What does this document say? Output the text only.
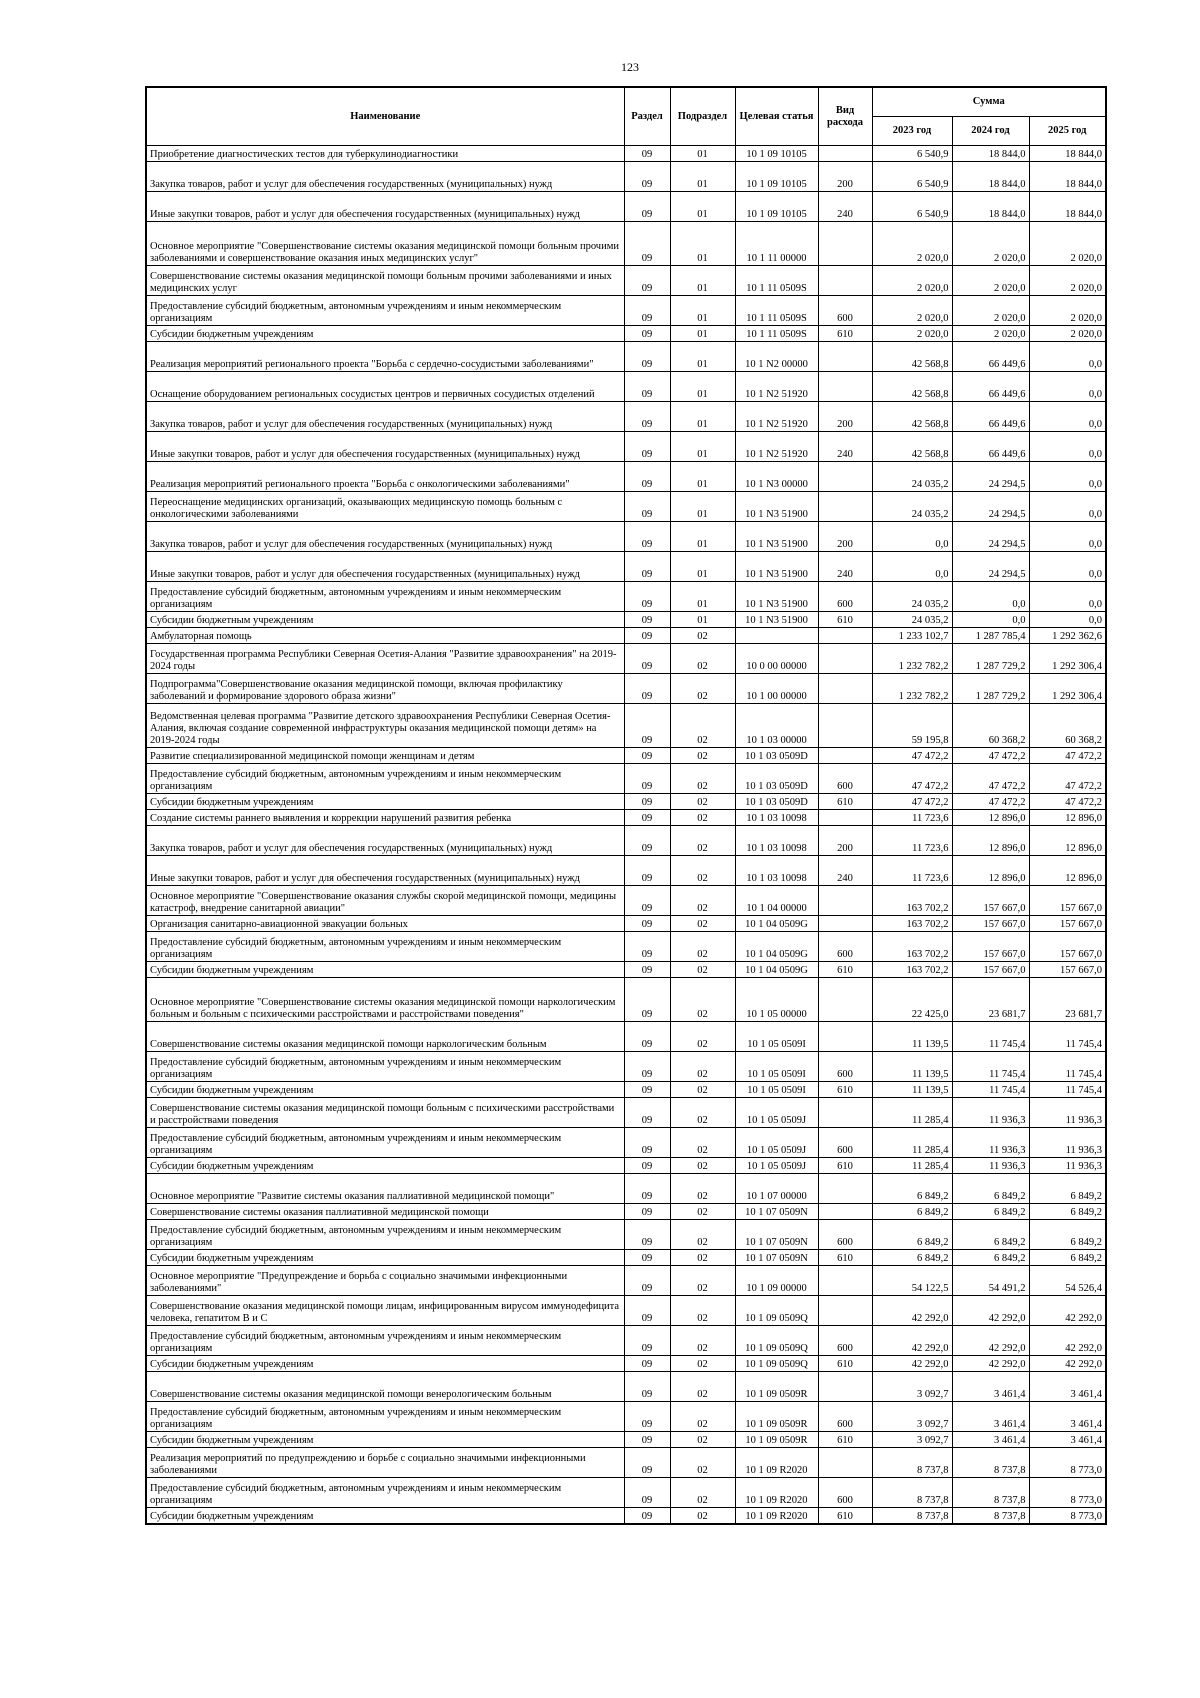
123
Наименование	Раздел	Подраздел	Целевая статья	Вид расхода	Сумма		
					2023 год	2024 год	2025 год
Приобретение диагностических тестов для туберкулинодиагностики	09	01	10 1 09 10105		6 540,9	18 844,0	18 844,0
Закупка товаров, работ и услуг для обеспечения государственных (муниципальных) нужд	09	01	10 1 09 10105	200	6 540,9	18 844,0	18 844,0
Иные закупки товаров, работ и услуг для обеспечения государственных (муниципальных) нужд	09	01	10 1 09 10105	240	6 540,9	18 844,0	18 844,0
Основное мероприятие "Совершенствование системы оказания медицинской помощи больным прочими заболеваниями и совершенствование оказания иных медицинских услуг"	09	01	10 1 11 00000		2 020,0	2 020,0	2 020,0
Совершенствование системы оказания медицинской помощи больным прочими заболеваниями и иных медицинских услуг	09	01	10 1 11 0509S		2 020,0	2 020,0	2 020,0
Предоставление субсидий бюджетным, автономным учреждениям и иным некоммерческим организациям	09	01	10 1 11 0509S	600	2 020,0	2 020,0	2 020,0
Субсидии бюджетным учреждениям	09	01	10 1 11 0509S	610	2 020,0	2 020,0	2 020,0
Реализация мероприятий регионального проекта "Борьба с сердечно-сосудистыми заболеваниями"	09	01	10 1 N2 00000		42 568,8	66 449,6	0,0
Оснащение оборудованием региональных сосудистых центров и первичных сосудистых отделений	09	01	10 1 N2 51920		42 568,8	66 449,6	0,0
Закупка товаров, работ и услуг для обеспечения государственных (муниципальных) нужд	09	01	10 1 N2 51920	200	42 568,8	66 449,6	0,0
Иные закупки товаров, работ и услуг для обеспечения государственных (муниципальных) нужд	09	01	10 1 N2 51920	240	42 568,8	66 449,6	0,0
Реализация мероприятий регионального проекта "Борьба с онкологическими заболеваниями"	09	01	10 1 N3 00000		24 035,2	24 294,5	0,0
Переоснащение медицинских организаций, оказывающих медицинскую помощь больным с онкологическими заболеваниями	09	01	10 1 N3 51900		24 035,2	24 294,5	0,0
Закупка товаров, работ и услуг для обеспечения государственных (муниципальных) нужд	09	01	10 1 N3 51900	200	0,0	24 294,5	0,0
Иные закупки товаров, работ и услуг для обеспечения государственных (муниципальных) нужд	09	01	10 1 N3 51900	240	0,0	24 294,5	0,0
Предоставление субсидий бюджетным, автономным учреждениям и иным некоммерческим организациям	09	01	10 1 N3 51900	600	24 035,2	0,0	0,0
Субсидии бюджетным учреждениям	09	01	10 1 N3 51900	610	24 035,2	0,0	0,0
Амбулаторная помощь	09	02			1 233 102,7	1 287 785,4	1 292 362,6
Государственная программа Республики Северная Осетия-Алания "Развитие здравоохранения" на 2019-2024 годы	09	02	10 0 00 00000		1 232 782,2	1 287 729,2	1 292 306,4
Подпрограмма"Совершенствование оказания медицинской помощи, включая профилактику заболеваний и формирование здорового образа жизни"	09	02	10 1 00 00000		1 232 782,2	1 287 729,2	1 292 306,4
Ведомственная целевая программа "Развитие детского здравоохранения Республики Северная Осетия-Алания, включая создание современной инфраструктуры оказания медицинской помощи детям» на 2019-2024 годы	09	02	10 1 03 00000		59 195,8	60 368,2	60 368,2
Развитие специализированной медицинской помощи женщинам и детям	09	02	10 1 03 0509D		47 472,2	47 472,2	47 472,2
Предоставление субсидий бюджетным, автономным учреждениям и иным некоммерческим организациям	09	02	10 1 03 0509D	600	47 472,2	47 472,2	47 472,2
Субсидии бюджетным учреждениям	09	02	10 1 03 0509D	610	47 472,2	47 472,2	47 472,2
Создание системы раннего выявления и коррекции нарушений развития ребенка	09	02	10 1 03 10098		11 723,6	12 896,0	12 896,0
Закупка товаров, работ и услуг для обеспечения государственных (муниципальных) нужд	09	02	10 1 03 10098	200	11 723,6	12 896,0	12 896,0
Иные закупки товаров, работ и услуг для обеспечения государственных (муниципальных) нужд	09	02	10 1 03 10098	240	11 723,6	12 896,0	12 896,0
Основное мероприятие "Совершенствование оказания службы скорой медицинской помощи, медицины катастроф, внедрение санитарной авиации"	09	02	10 1 04 00000		163 702,2	157 667,0	157 667,0
Организация санитарно-авиационной эвакуации больных	09	02	10 1 04 0509G		163 702,2	157 667,0	157 667,0
Предоставление субсидий бюджетным, автономным учреждениям и иным некоммерческим организациям	09	02	10 1 04 0509G	600	163 702,2	157 667,0	157 667,0
Субсидии бюджетным учреждениям	09	02	10 1 04 0509G	610	163 702,2	157 667,0	157 667,0
Основное мероприятие "Совершенствование системы оказания медицинской помощи наркологическим больным и больным с психическими расстройствами и расстройствами поведения"	09	02	10 1 05 00000		22 425,0	23 681,7	23 681,7
Совершенствование системы оказания медицинской помощи наркологическим больным	09	02	10 1 05 0509I		11 139,5	11 745,4	11 745,4
Предоставление субсидий бюджетным, автономным учреждениям и иным некоммерческим организациям	09	02	10 1 05 0509I	600	11 139,5	11 745,4	11 745,4
Субсидии бюджетным учреждениям	09	02	10 1 05 0509I	610	11 139,5	11 745,4	11 745,4
Совершенствование системы оказания медицинской помощи больным с психическими расстройствами и расстройствами поведения	09	02	10 1 05 0509J		11 285,4	11 936,3	11 936,3
Предоставление субсидий бюджетным, автономным учреждениям и иным некоммерческим организациям	09	02	10 1 05 0509J	600	11 285,4	11 936,3	11 936,3
Субсидии бюджетным учреждениям	09	02	10 1 05 0509J	610	11 285,4	11 936,3	11 936,3
Основное мероприятие "Развитие системы оказания паллиативной медицинской помощи"	09	02	10 1 07 00000		6 849,2	6 849,2	6 849,2
Совершенствование системы оказания паллиативной медицинской помощи	09	02	10 1 07 0509N		6 849,2	6 849,2	6 849,2
Предоставление субсидий бюджетным, автономным учреждениям и иным некоммерческим организациям	09	02	10 1 07 0509N	600	6 849,2	6 849,2	6 849,2
Субсидии бюджетным учреждениям	09	02	10 1 07 0509N	610	6 849,2	6 849,2	6 849,2
Основное мероприятие "Предупреждение и борьба с социально значимыми инфекционными заболеваниями"	09	02	10 1 09 00000		54 122,5	54 491,2	54 526,4
Совершенствование оказания медицинской помощи лицам, инфицированным вирусом иммунодефицита человека, гепатитом В и С	09	02	10 1 09 0509Q		42 292,0	42 292,0	42 292,0
Предоставление субсидий бюджетным, автономным учреждениям и иным некоммерческим организациям	09	02	10 1 09 0509Q	600	42 292,0	42 292,0	42 292,0
Субсидии бюджетным учреждениям	09	02	10 1 09 0509Q	610	42 292,0	42 292,0	42 292,0
Совершенствование системы оказания медицинской помощи венерологическим больным	09	02	10 1 09 0509R		3 092,7	3 461,4	3 461,4
Предоставление субсидий бюджетным, автономным учреждениям и иным некоммерческим организациям	09	02	10 1 09 0509R	600	3 092,7	3 461,4	3 461,4
Субсидии бюджетным учреждениям	09	02	10 1 09 0509R	610	3 092,7	3 461,4	3 461,4
Реализация мероприятий по предупреждению и борьбе с социально значимыми инфекционными заболеваниями	09	02	10 1 09 R2020		8 737,8	8 737,8	8 773,0
Предоставление субсидий бюджетным, автономным учреждениям и иным некоммерческим организациям	09	02	10 1 09 R2020	600	8 737,8	8 737,8	8 773,0
Субсидии бюджетным учреждениям	09	02	10 1 09 R2020	610	8 737,8	8 737,8	8 773,0
